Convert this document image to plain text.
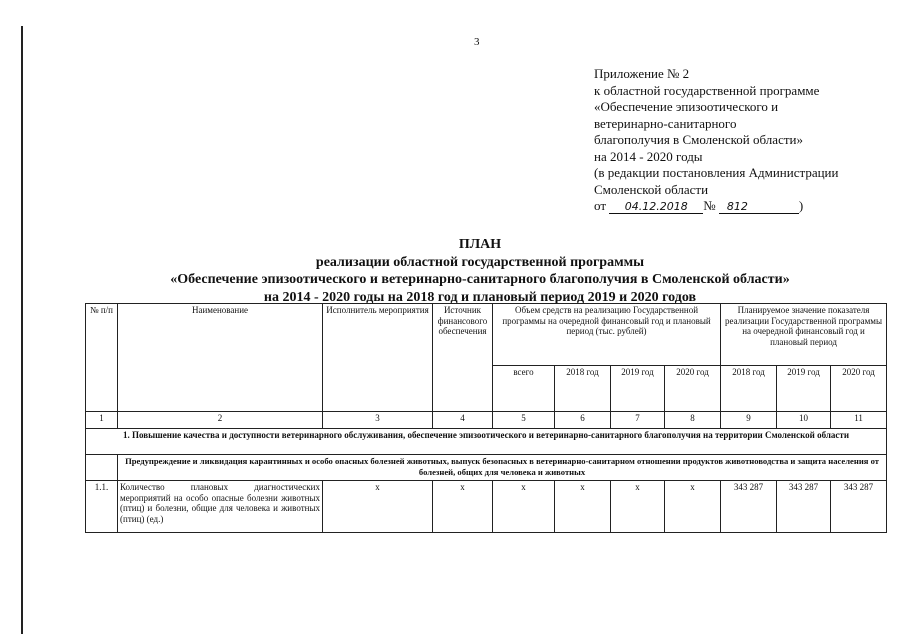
3
Приложение № 2
к областной государственной программе
«Обеспечение эпизоотического и
ветеринарно-санитарного
благополучия в Смоленской области»
на 2014 - 2020 годы
(в редакции постановления Администрации
Смоленской области
от 04.12.2018 № 812	)
ПЛАН
реализации областной государственной программы
«Обеспечение эпизоотического и ветеринарно-санитарного благополучия в Смоленской области»
на 2014 - 2020 годы на 2018 год и плановый период 2019 и 2020 годов
№ п/п	Наименование	Исполнитель мероприятия	Источник финансового обеспечения	Объем средств на реализацию Государственной программы на очередной финансовый год и плановый период (тыс. рублей)				Планируемое значение показателя реализации Государственной программы на очередной финансовый год и плановый период		
				всего	2018 год	2019 год	2020 год	2018 год	2019 год	2020 год
1	2	3	4	5	6	7	8	9	10	11
1. Повышение качества и доступности ветеринарного обслуживания, обеспечение эпизоотического и ветеринарно-санитарного благополучия на территории Смоленской области										
	Предупреждение и ликвидация карантинных и особо опасных болезней животных, выпуск безопасных в ветеринарно-санитарном отношении продуктов животноводства и защита населения от болезней, общих для человека и животных									
1.1.	Количество плановых диагностических мероприятий на особо опасные болезни животных (птиц) и болезни, общие для человека и животных (птиц) (ед.)	х	х	х	х	х	х	343 287	343 287	343 287
